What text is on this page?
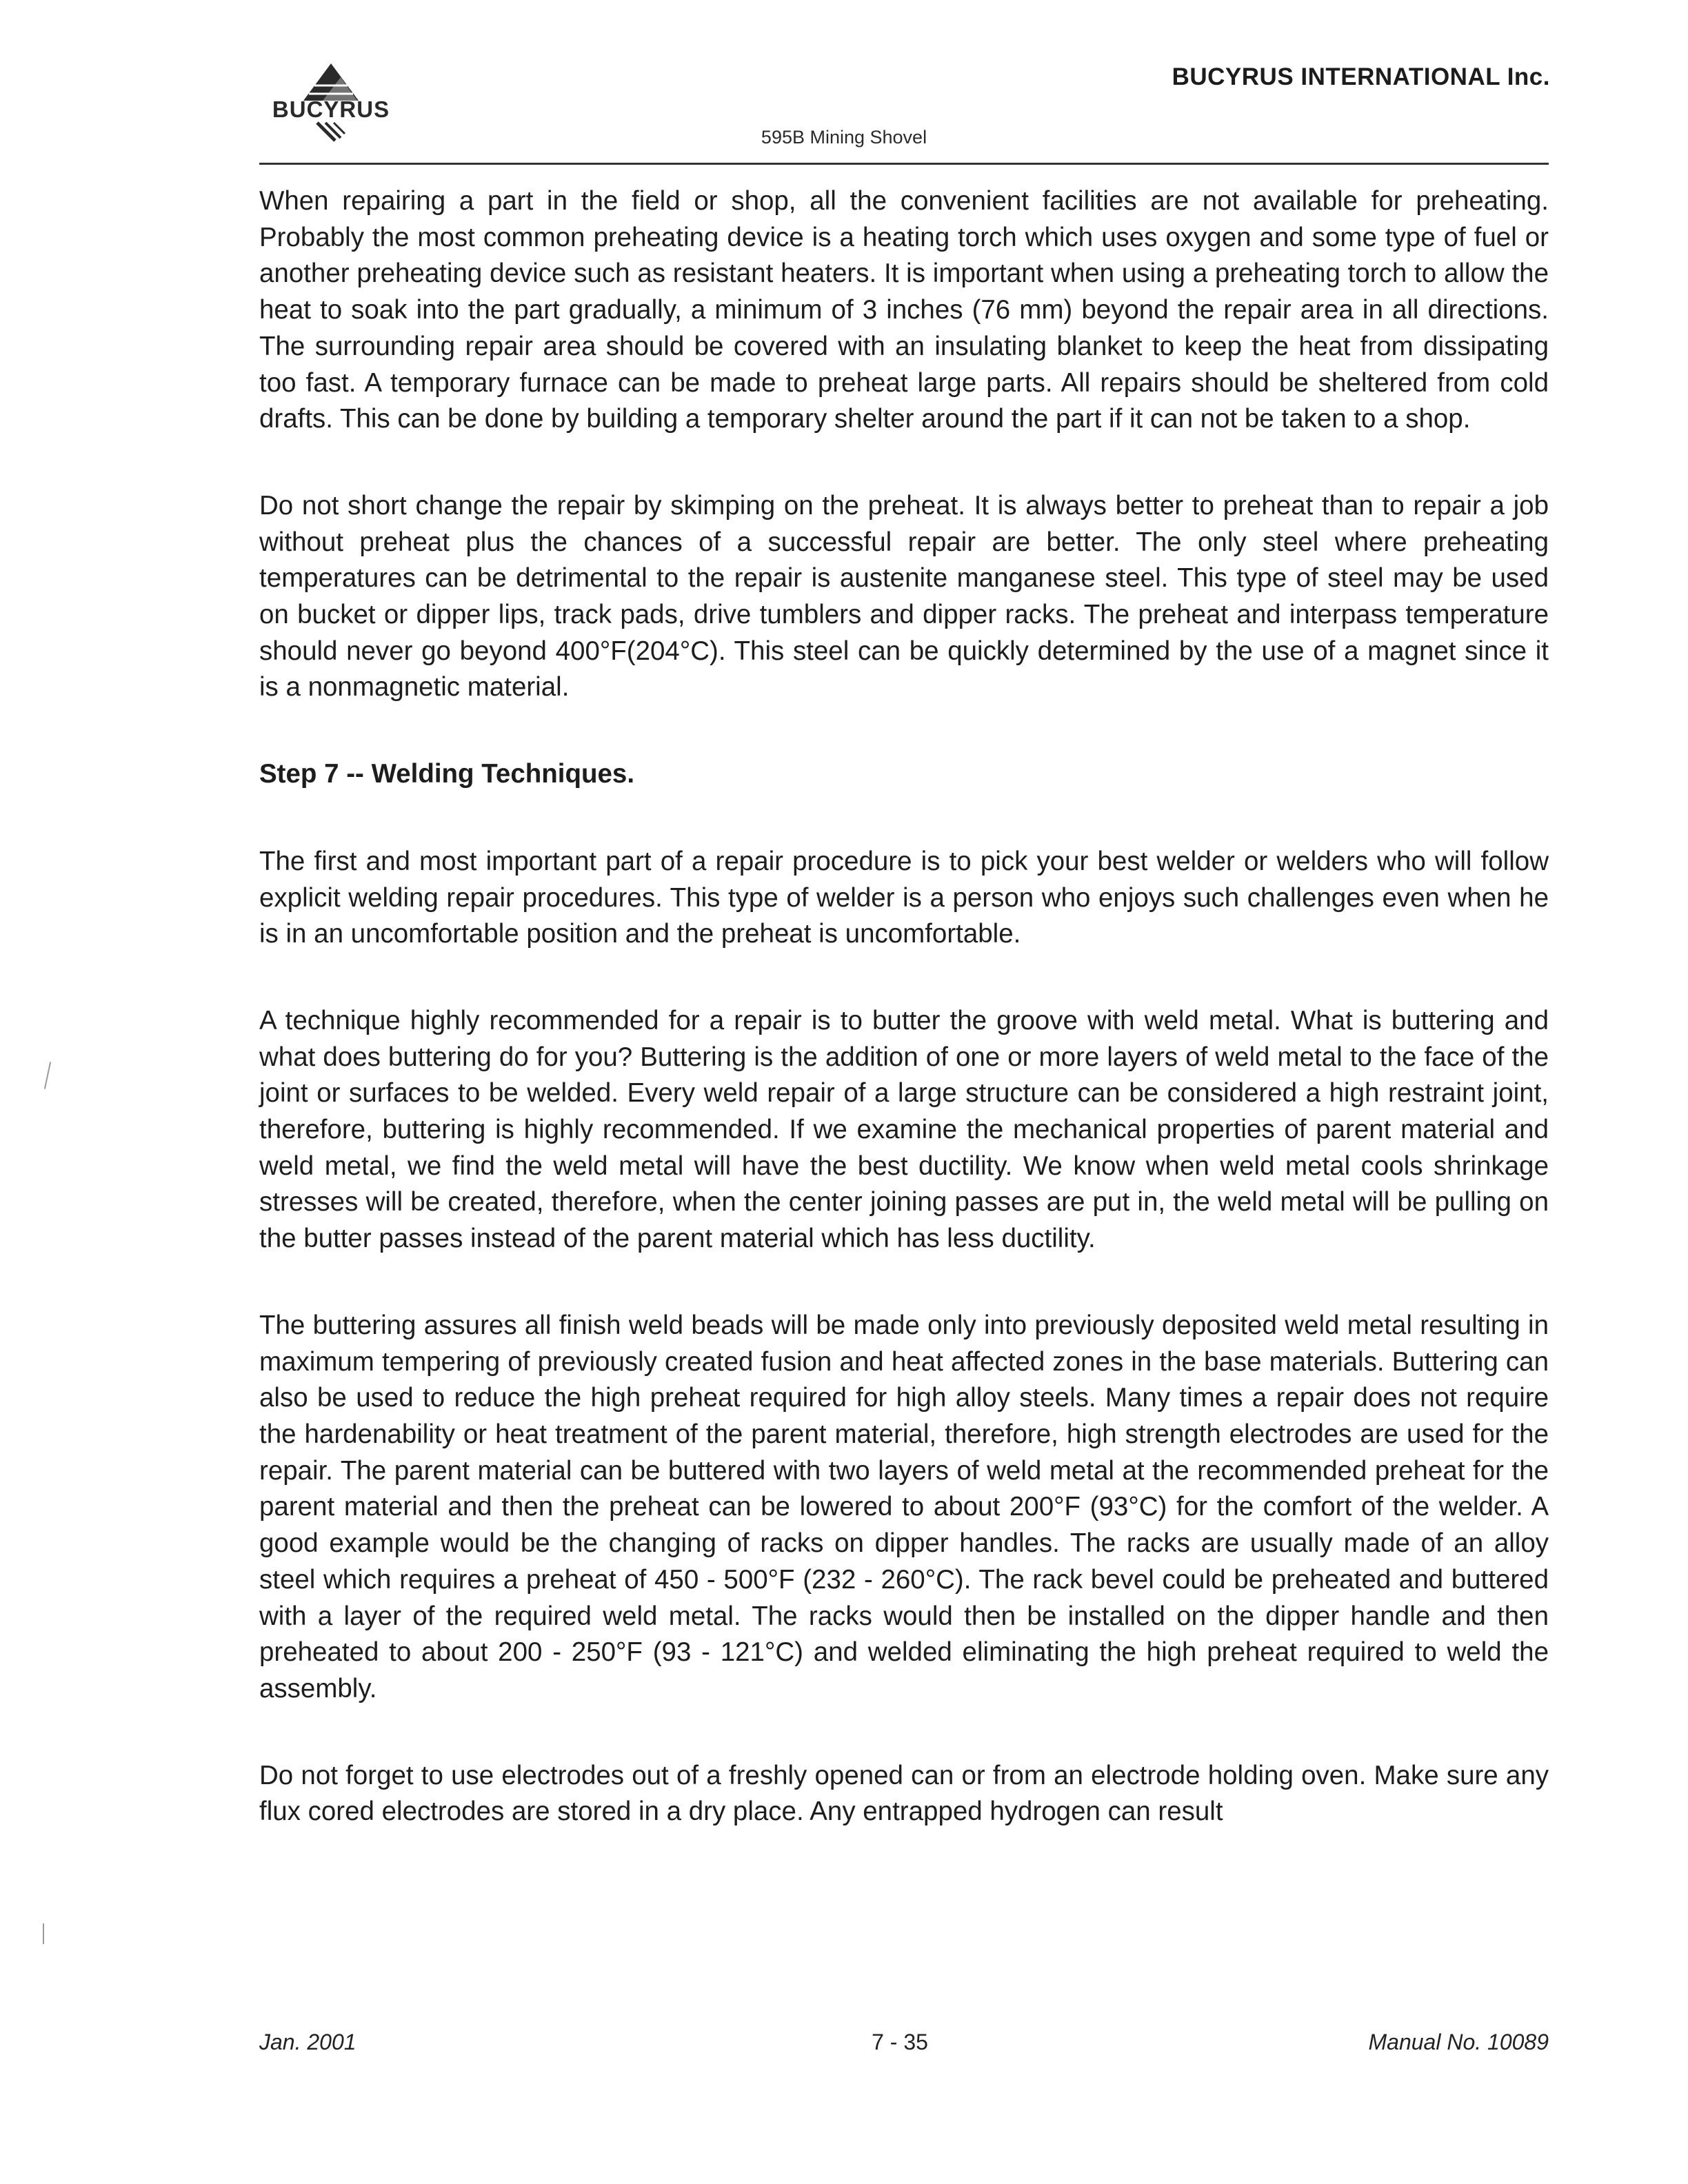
BUCYRUS
BUCYRUS INTERNATIONAL Inc.
595B Mining Shovel

When repairing a part in the field or shop, all the convenient facilities are not available for preheating. Probably the most common preheating device is a heating torch which uses oxygen and some type of fuel or another preheating device such as resistant heaters. It is important when using a preheating torch to allow the heat to soak into the part gradually, a minimum of 3 inches (76 mm) beyond the repair area in all directions. The surrounding repair area should be covered with an insulating blanket to keep the heat from dissipating too fast. A temporary furnace can be made to preheat large parts. All repairs should be sheltered from cold drafts. This can be done by building a temporary shelter around the part if it can not be taken to a shop.

Do not short change the repair by skimping on the preheat. It is always better to preheat than to repair a job without preheat plus the chances of a successful repair are better. The only steel where preheating temperatures can be detrimental to the repair is austenite manganese steel. This type of steel may be used on bucket or dipper lips, track pads, drive tumblers and dipper racks. The preheat and interpass temperature should never go beyond 400°F(204°C). This steel can be quickly determined by the use of a magnet since it is a nonmagnetic material.

Step 7 -- Welding Techniques.

The first and most important part of a repair procedure is to pick your best welder or welders who will follow explicit welding repair procedures. This type of welder is a person who enjoys such challenges even when he is in an uncomfortable position and the preheat is uncomfortable.

A technique highly recommended for a repair is to butter the groove with weld metal. What is buttering and what does buttering do for you? Buttering is the addition of one or more layers of weld metal to the face of the joint or surfaces to be welded. Every weld repair of a large structure can be considered a high restraint joint, therefore, buttering is highly recommended. If we examine the mechanical properties of parent material and weld metal, we find the weld metal will have the best ductility. We know when weld metal cools shrinkage stresses will be created, therefore, when the center joining passes are put in, the weld metal will be pulling on the butter passes instead of the parent material which has less ductility.

The buttering assures all finish weld beads will be made only into previously deposited weld metal resulting in maximum tempering of previously created fusion and heat affected zones in the base materials. Buttering can also be used to reduce the high preheat required for high alloy steels. Many times a repair does not require the hardenability or heat treatment of the parent material, therefore, high strength electrodes are used for the repair. The parent material can be buttered with two layers of weld metal at the recommended preheat for the parent material and then the preheat can be lowered to about 200°F (93°C) for the comfort of the welder. A good example would be the changing of racks on dipper handles. The racks are usually made of an alloy steel which requires a preheat of 450 - 500°F (232 - 260°C). The rack bevel could be preheated and buttered with a layer of the required weld metal. The racks would then be installed on the dipper handle and then preheated to about 200 - 250°F (93 - 121°C) and welded eliminating the high preheat required to weld the assembly.

Do not forget to use electrodes out of a freshly opened can or from an electrode holding oven. Make sure any flux cored electrodes are stored in a dry place. Any entrapped hydrogen can result

Jan. 2001	7 - 35	Manual No. 10089
